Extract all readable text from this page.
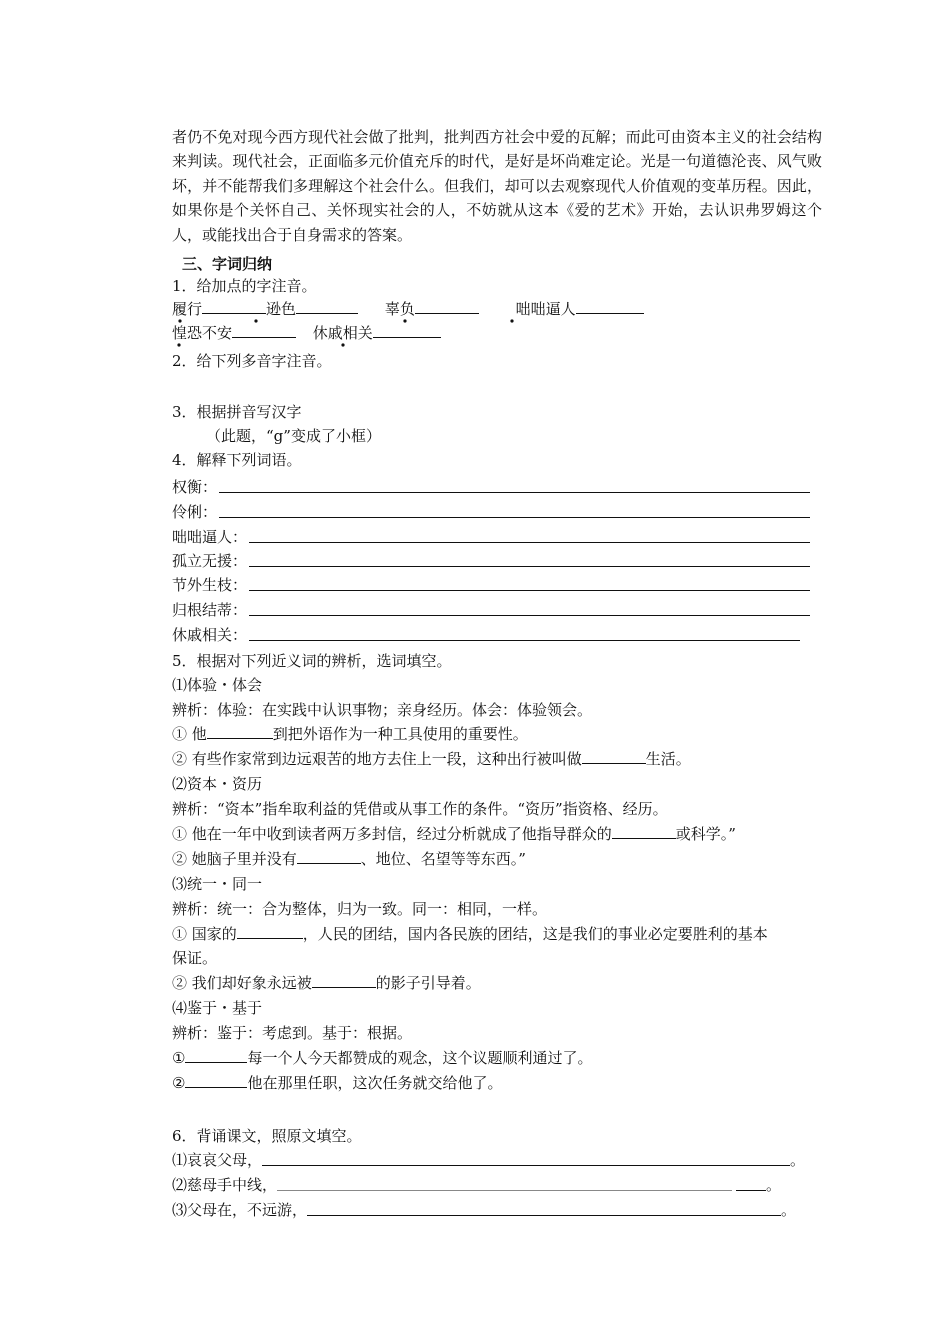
者仍不免对现今西方现代社会做了批判，批判西方社会中爱的瓦解；而此可由资本主义的社会结构来判读。现代社会，正面临多元价值充斥的时代，是好是坏尚难定论。光是一句道德沦丧、风气败坏，并不能帮我们多理解这个社会什么。但我们，却可以去观察现代人价值观的变革历程。因此，如果你是个关怀自己、关怀现实社会的人，不妨就从这本《爱的艺术》开始，去认识弗罗姆这个人，或能找出合于自身需求的答案。
三、字词归纳
1．给加点的字注音。
履行	逊色	辜负	咄咄逼人
惶恐不安	休戚相关
2．给下列多音字注音。
3．根据拼音写汉字
（此题，“g”变成了小框）
4．解释下列词语。
权衡：
伶俐：
咄咄逼人：
孤立无援：
节外生枝：
归根结蒂：
休戚相关：
5．根据对下列近义词的辨析，选词填空。
⑴体验・体会
辨析：体验：在实践中认识事物；亲身经历。体会：体验领会。
① 他	到把外语作为一种工具使用的重要性。
② 有些作家常到边远艰苦的地方去住上一段，这种出行被叫做	生活。
⑵资本・资历
辨析：“资本”指牟取利益的凭借或从事工作的条件。“资历”指资格、经历。
① 他在一年中收到读者两万多封信，经过分析就成了他指导群众的	或科学。”
② 她脑子里并没有	、地位、名望等等东西。”
⑶统一・同一
辨析：统一：合为整体，归为一致。同一：相同，一样。
① 国家的	，人民的团结，国内各民族的团结，这是我们的事业必定要胜利的基本
保证。
② 我们却好象永远被	的影子引导着。
⑷鉴于・基于
辨析：鉴于：考虑到。基于：根据。
①	每一个人今天都赞成的观念，这个议题顺利通过了。
②	他在那里任职，这次任务就交给他了。
6．背诵课文，照原文填空。
⑴哀哀父母，	。
⑵慈母手中线，	。
⑶父母在，不远游，	。
